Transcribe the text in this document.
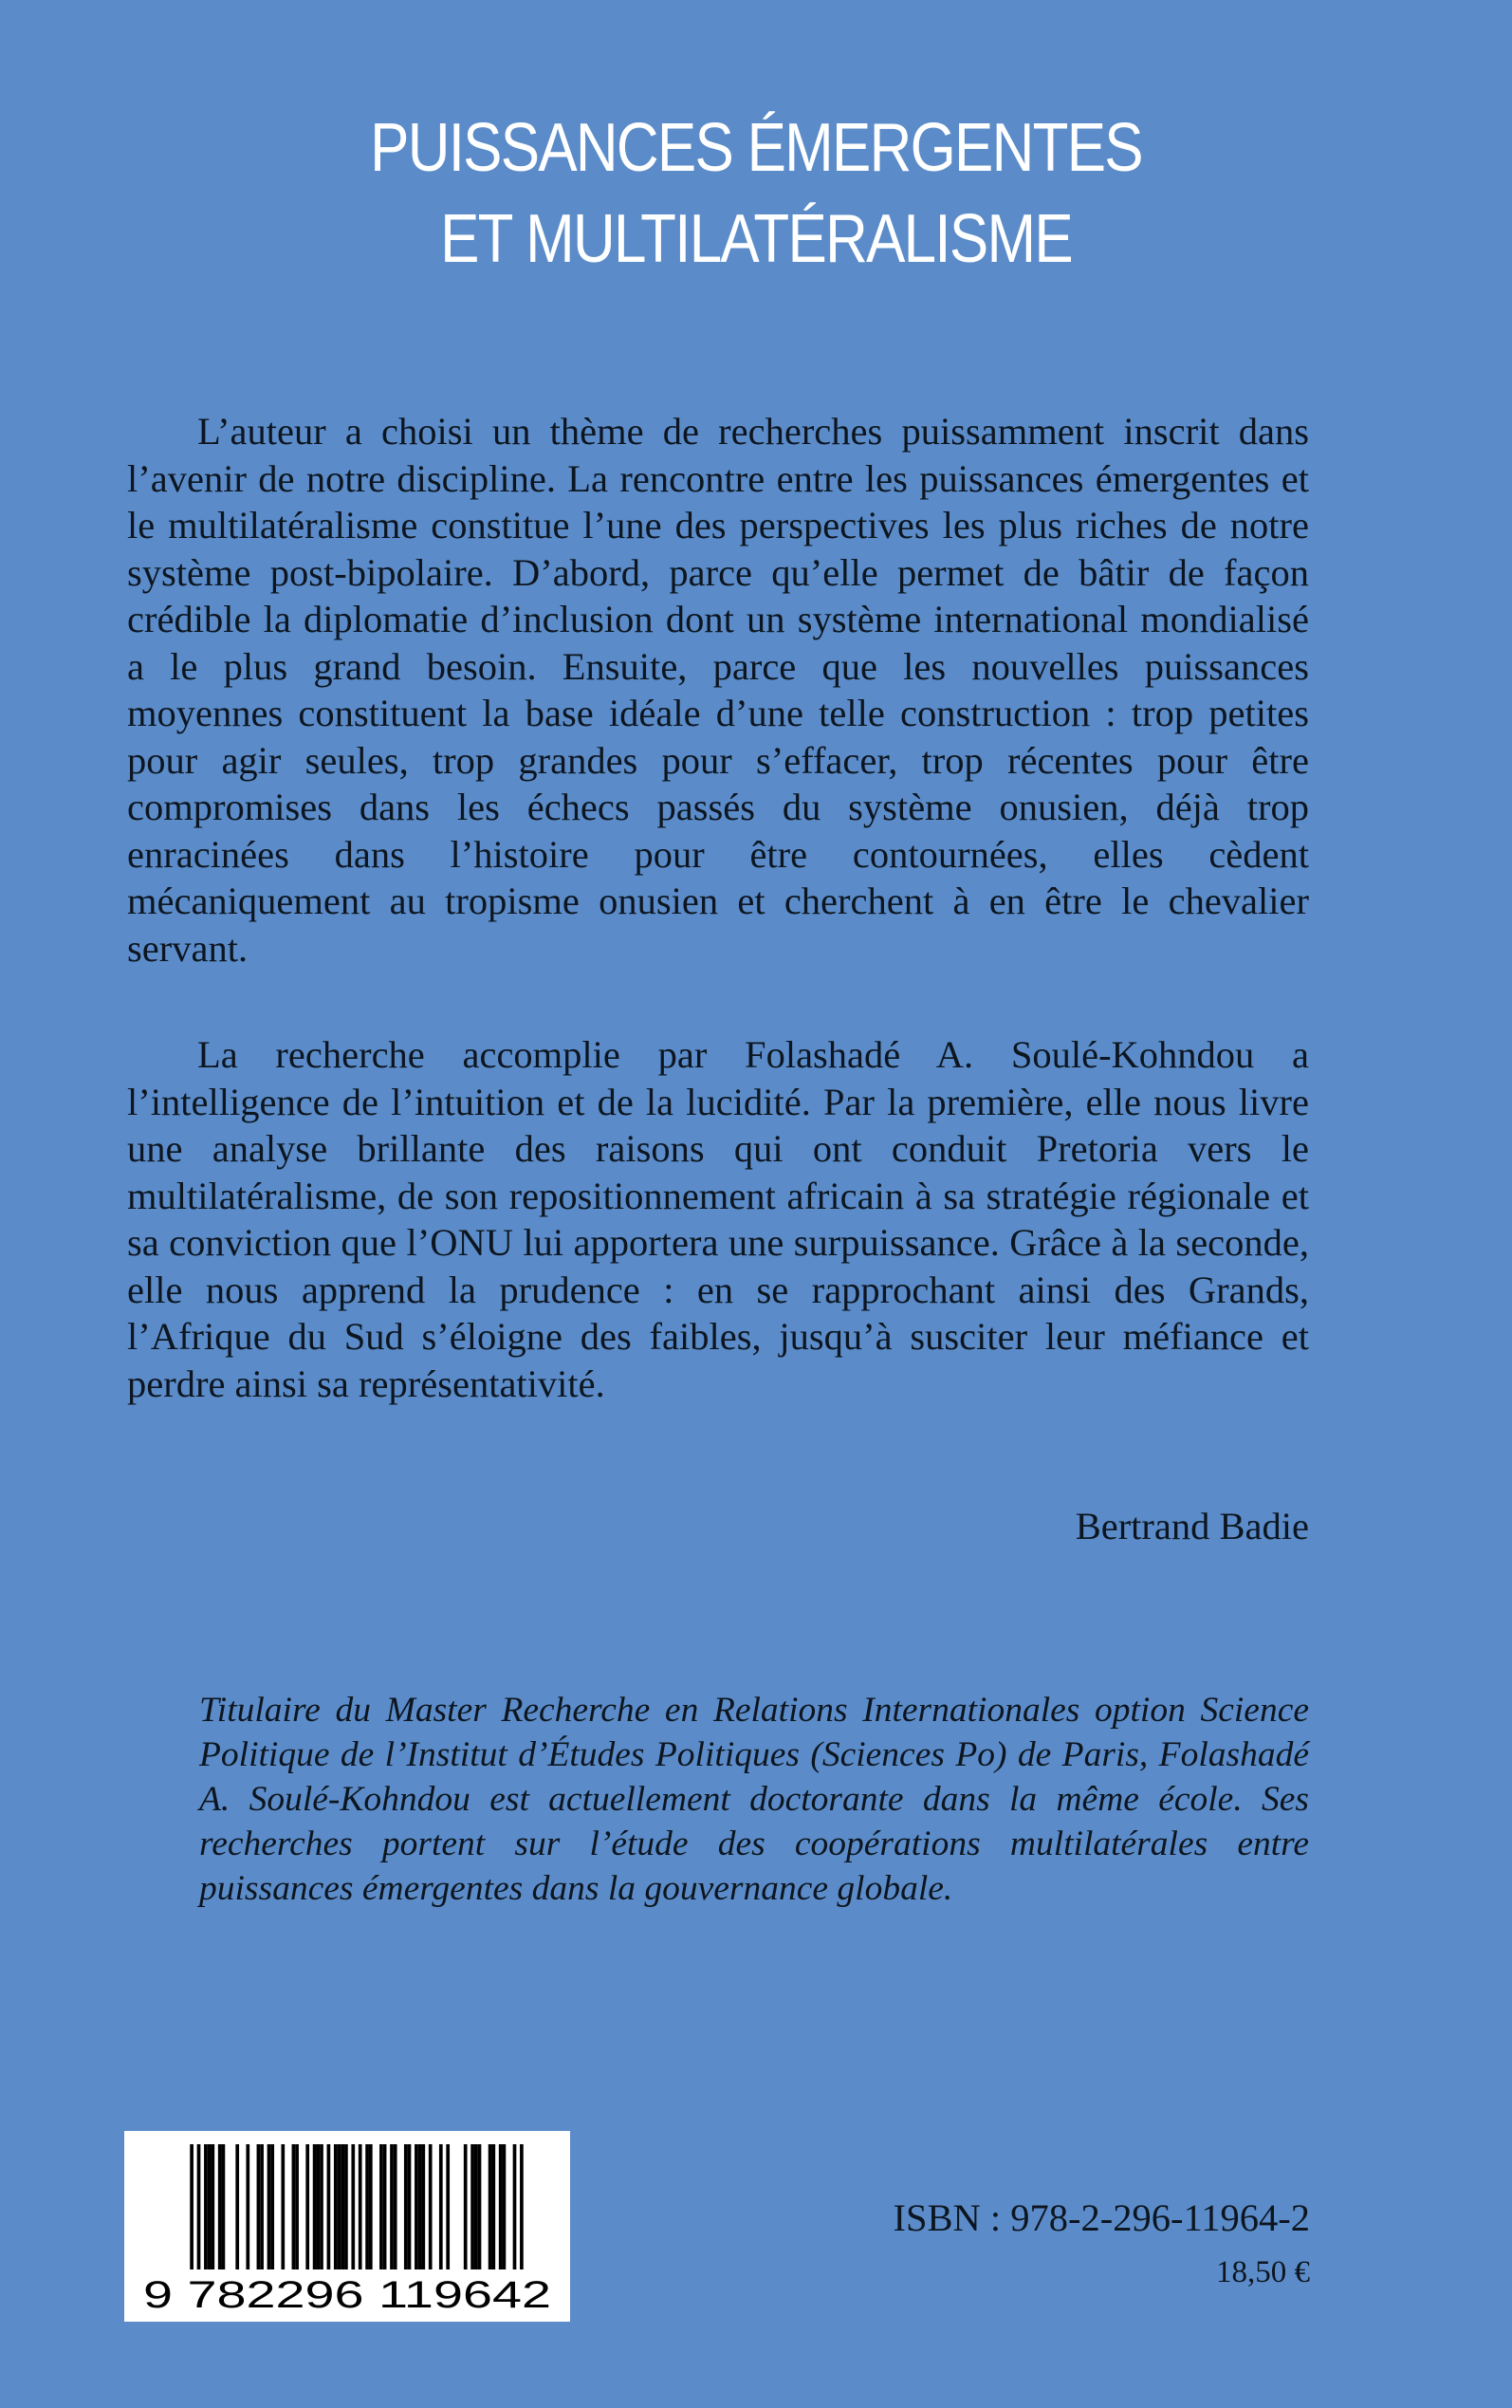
PUISSANCES ÉMERGENTES
ET MULTILATÉRALISME

L’auteur a choisi un thème de recherches puissamment inscrit dans l’avenir de notre discipline. La rencontre entre les puissances émergentes et le multilatéralisme constitue l’une des perspectives les plus riches de notre système post-bipolaire. D’abord, parce qu’elle permet de bâtir de façon crédible la diplomatie d’inclusion dont un système international mondialisé a le plus grand besoin. Ensuite, parce que les nouvelles puissances moyennes constituent la base idéale d’une telle construction : trop petites pour agir seules, trop grandes pour s’effacer, trop récentes pour être compromises dans les échecs passés du système onusien, déjà trop enracinées dans l’histoire pour être contournées, elles cèdent mécaniquement au tropisme onusien et cherchent à en être le chevalier servant.

La recherche accomplie par Folashadé A. Soulé-Kohndou a l’intelligence de l’intuition et de la lucidité. Par la première, elle nous livre une analyse brillante des raisons qui ont conduit Pretoria vers le multilatéralisme, de son repositionnement africain à sa stratégie régionale et sa conviction que l’ONU lui apportera une surpuissance. Grâce à la seconde, elle nous apprend la prudence : en se rapprochant ainsi des Grands, l’Afrique du Sud s’éloigne des faibles, jusqu’à susciter leur méfiance et perdre ainsi sa représentativité.

Bertrand Badie
Titulaire du Master Recherche en Relations Internationales option Science Politique de l’Institut d’Études Politiques (Sciences Po) de Paris, Folashadé A. Soulé-Kohndou est actuellement doctorante dans la même école. Ses recherches portent sur l’étude des coopérations multilatérales entre puissances émergentes dans la gouvernance globale.
9 782296 119642
ISBN : 978-2-296-11964-2
18,50 €
